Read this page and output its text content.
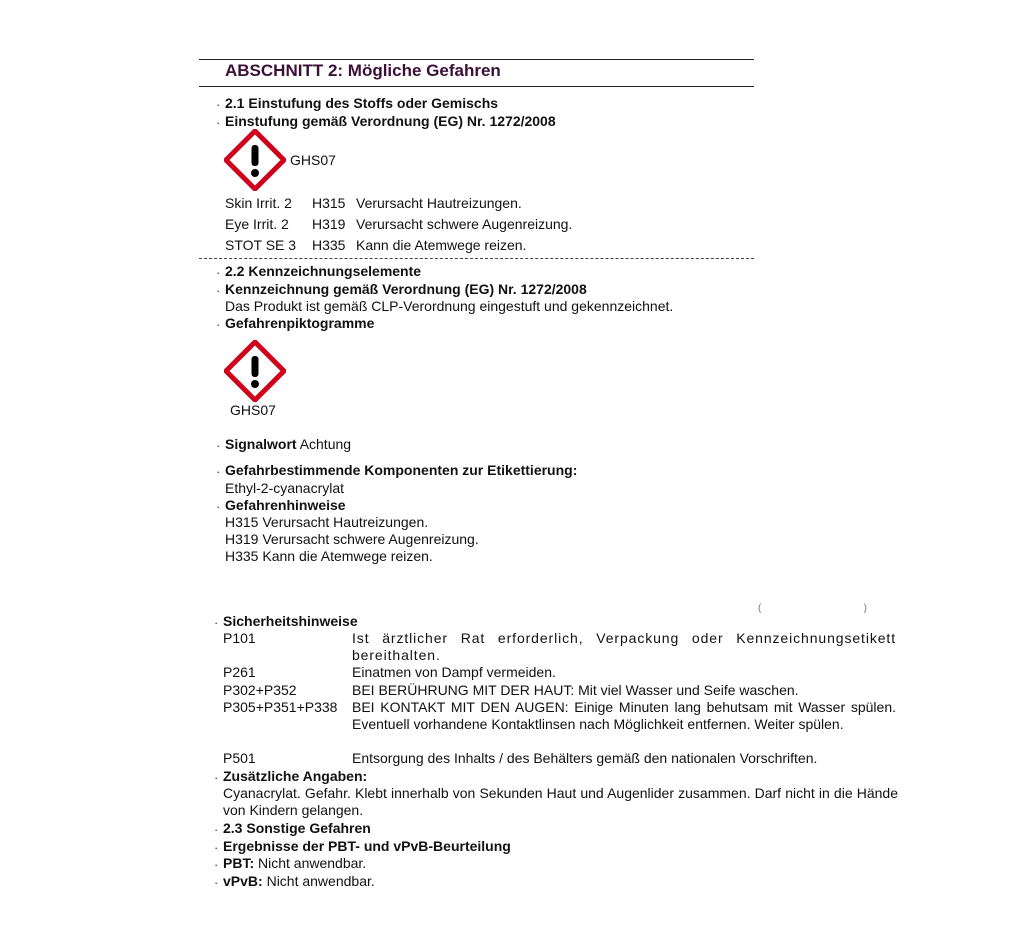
ABSCHNITT 2: Mögliche Gefahren
· 2.1 Einstufung des Stoffs oder Gemischs
· Einstufung gemäß Verordnung (EG) Nr. 1272/2008
GHS07
Skin Irrit. 2 H315 Verursacht Hautreizungen.
Eye Irrit. 2 H319 Verursacht schwere Augenreizung.
STOT SE 3 H335 Kann die Atemwege reizen.
· 2.2 Kennzeichnungselemente
· Kennzeichnung gemäß Verordnung (EG) Nr. 1272/2008
Das Produkt ist gemäß CLP-Verordnung eingestuft und gekennzeichnet.
· Gefahrenpiktogramme
GHS07
· Signalwort Achtung
· Gefahrbestimmende Komponenten zur Etikettierung:
Ethyl-2-cyanacrylat
· Gefahrenhinweise
H315 Verursacht Hautreizungen.
H319 Verursacht schwere Augenreizung.
H335 Kann die Atemwege reizen.
(                     )
· Sicherheitshinweise
P101	Ist ärztlicher Rat erforderlich, Verpackung oder Kennzeichnungsetikett bereithalten.
P261	Einatmen von Dampf vermeiden.
P302+P352	BEI BERÜHRUNG MIT DER HAUT: Mit viel Wasser und Seife waschen.
P305+P351+P338 BEI KONTAKT MIT DEN AUGEN: Einige Minuten lang behutsam mit Wasser spülen. Eventuell vorhandene Kontaktlinsen nach Möglichkeit entfernen. Weiter spülen.
P501	Entsorgung des Inhalts / des Behälters gemäß den nationalen Vorschriften.
· Zusätzliche Angaben:
Cyanacrylat. Gefahr. Klebt innerhalb von Sekunden Haut und Augenlider zusammen. Darf nicht in die Hände von Kindern gelangen.
· 2.3 Sonstige Gefahren
· Ergebnisse der PBT- und vPvB-Beurteilung
· PBT: Nicht anwendbar.
· vPvB: Nicht anwendbar.
